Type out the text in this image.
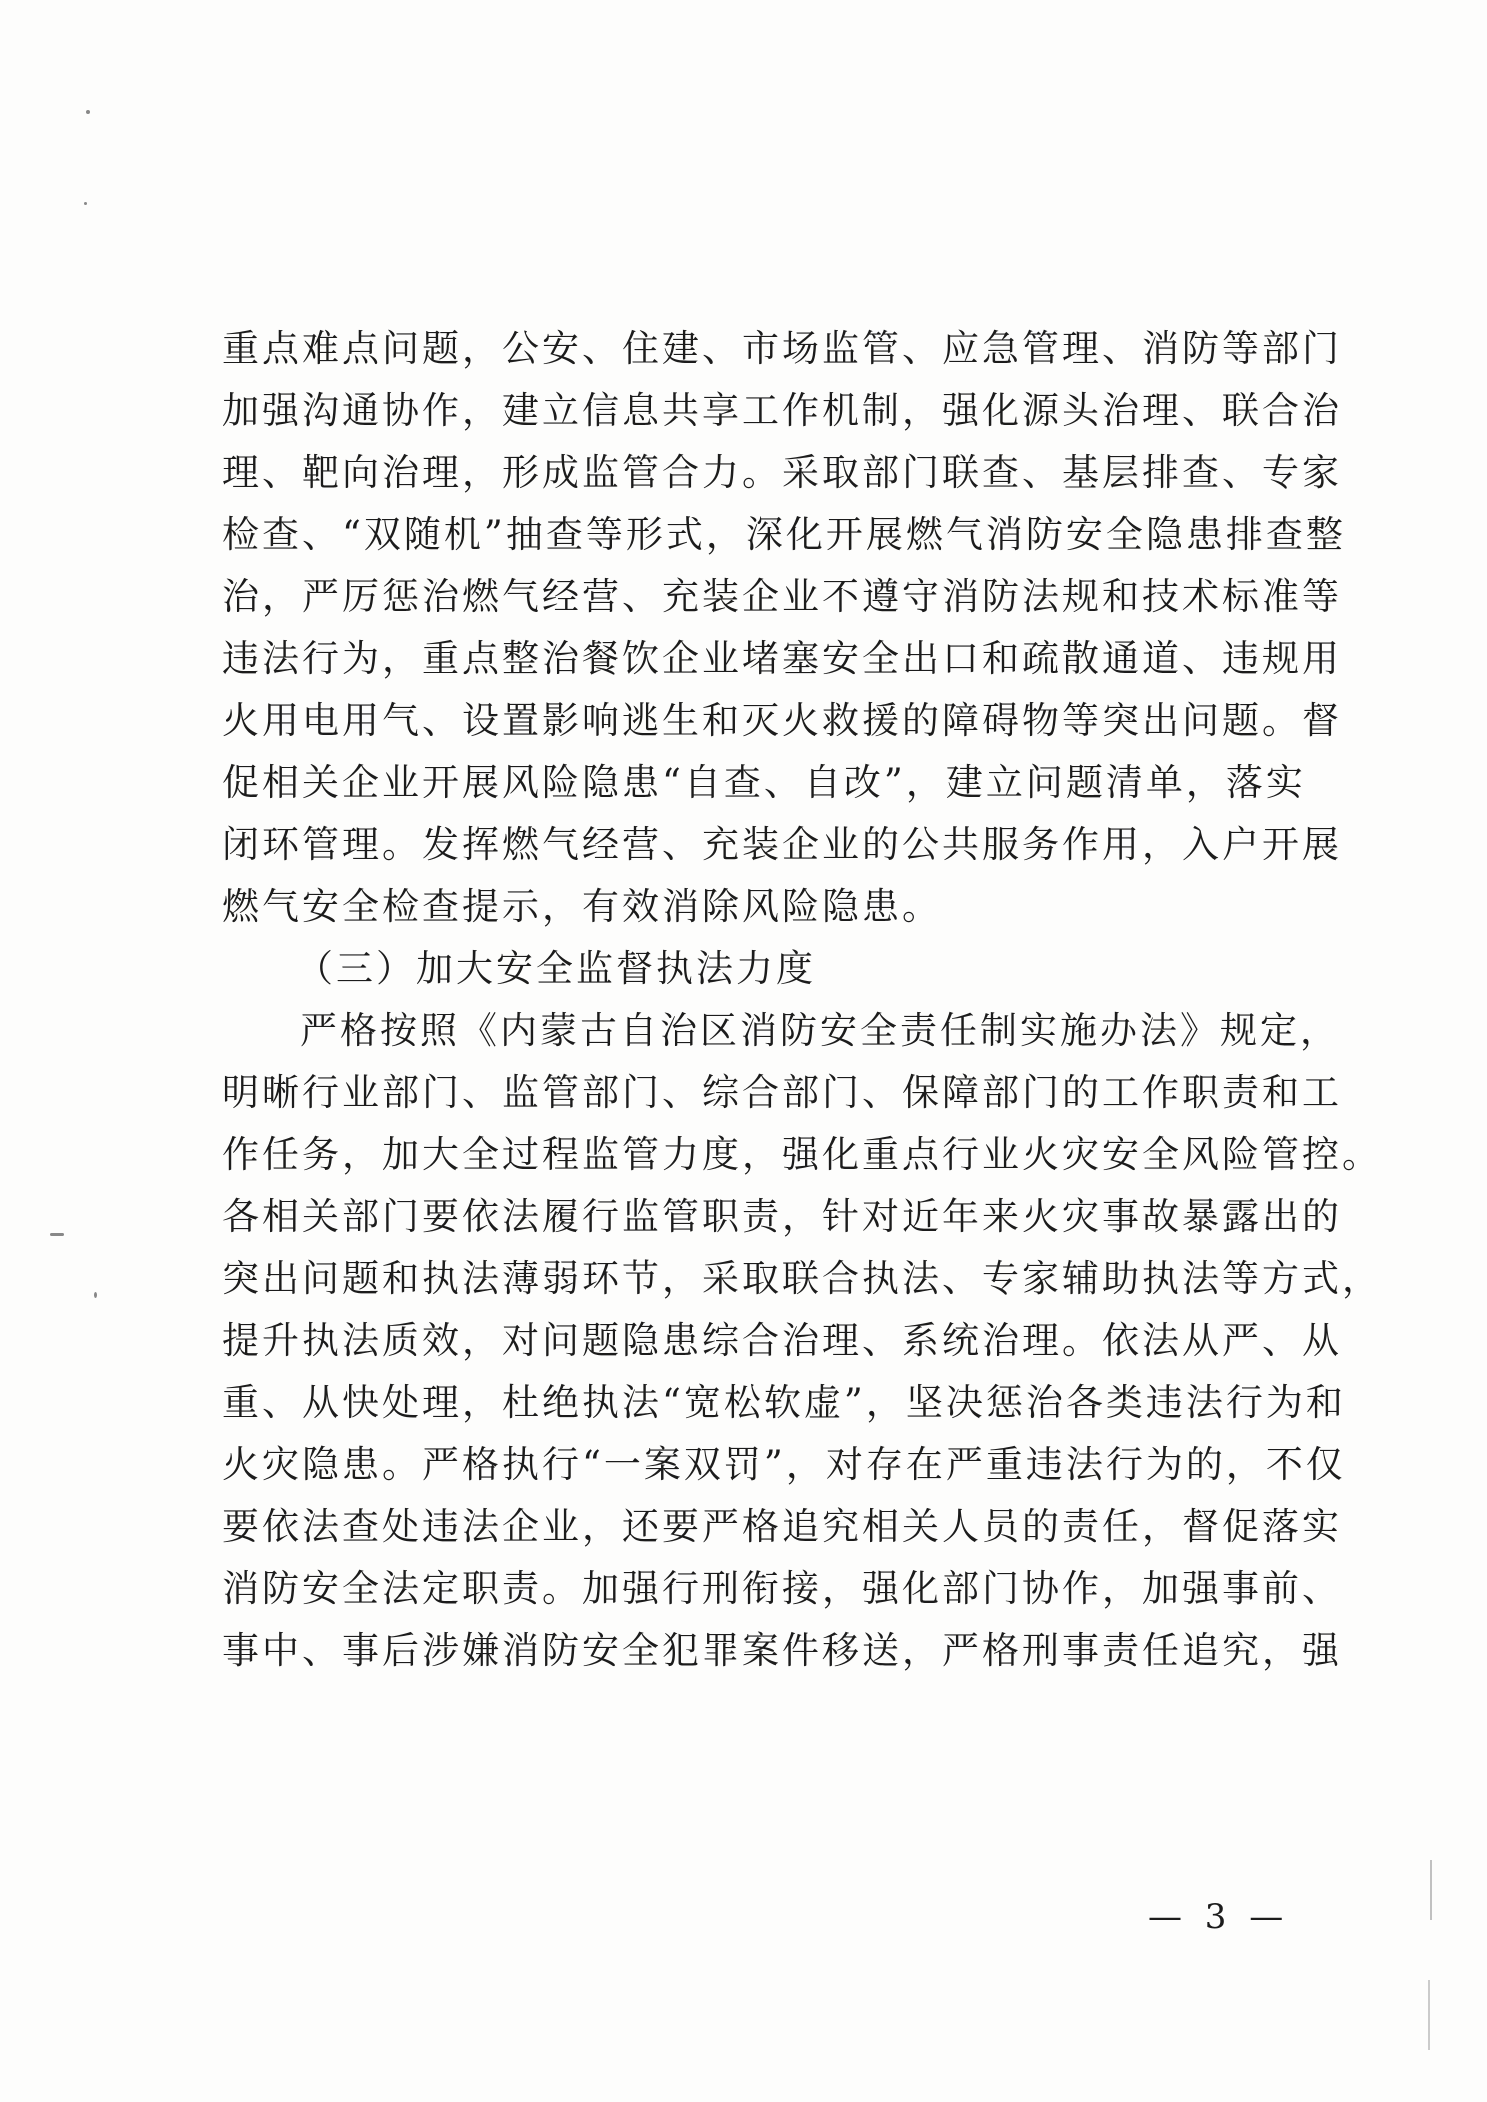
重点难点问题，公安、住建、市场监管、应急管理、消防等部门
加强沟通协作，建立信息共享工作机制，强化源头治理、联合治
理、靶向治理，形成监管合力。采取部门联查、基层排查、专家
检查、“双随机”抽查等形式，深化开展燃气消防安全隐患排查整
治，严厉惩治燃气经营、充装企业不遵守消防法规和技术标准等
违法行为，重点整治餐饮企业堵塞安全出口和疏散通道、违规用
火用电用气、设置影响逃生和灭火救援的障碍物等突出问题。督
促相关企业开展风险隐患“自查、自改”，建立问题清单，落实
闭环管理。发挥燃气经营、充装企业的公共服务作用，入户开展
燃气安全检查提示，有效消除风险隐患。
（三）加大安全监督执法力度
严格按照《内蒙古自治区消防安全责任制实施办法》规定，
明晰行业部门、监管部门、综合部门、保障部门的工作职责和工
作任务，加大全过程监管力度，强化重点行业火灾安全风险管控。
各相关部门要依法履行监管职责，针对近年来火灾事故暴露出的
突出问题和执法薄弱环节，采取联合执法、专家辅助执法等方式，
提升执法质效，对问题隐患综合治理、系统治理。依法从严、从
重、从快处理，杜绝执法“宽松软虚”，坚决惩治各类违法行为和
火灾隐患。严格执行“一案双罚”，对存在严重违法行为的，不仅
要依法查处违法企业，还要严格追究相关人员的责任，督促落实
消防安全法定职责。加强行刑衔接，强化部门协作，加强事前、
事中、事后涉嫌消防安全犯罪案件移送，严格刑事责任追究，强
— 3 —
